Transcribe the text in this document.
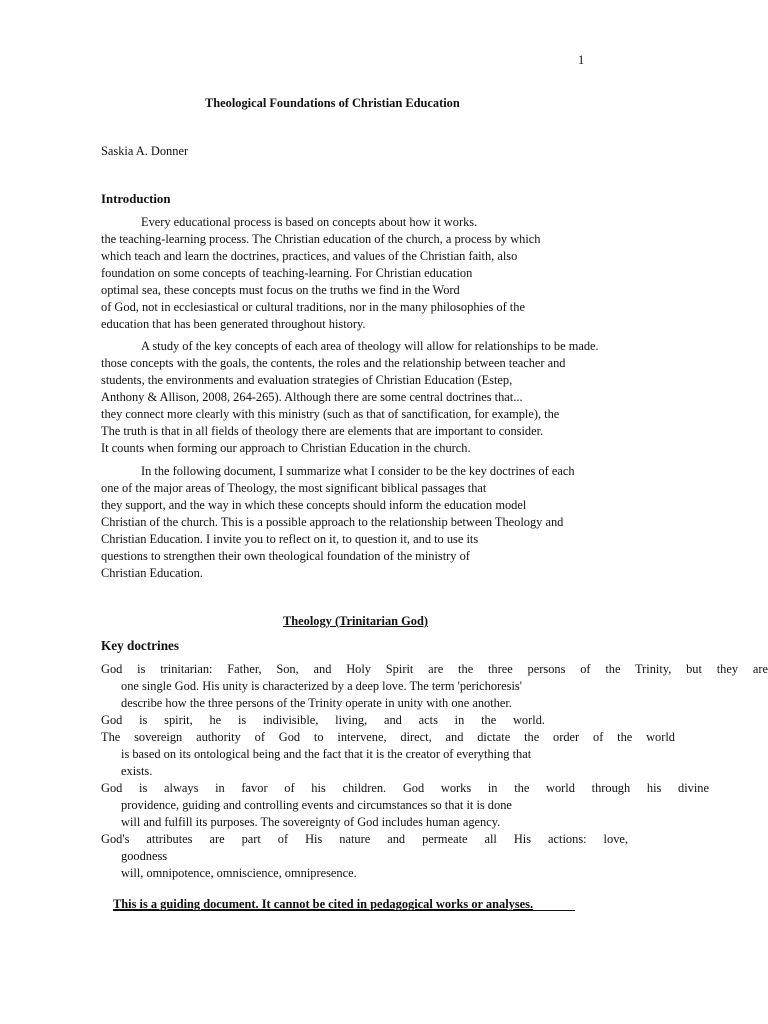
1
Theological Foundations of Christian Education
Saskia A. Donner
Introduction
Every educational process is based on concepts about how it works.
the teaching-learning process. The Christian education of the church, a process by which
which teach and learn the doctrines, practices, and values of the Christian faith, also
foundation on some concepts of teaching-learning. For Christian education
optimal sea, these concepts must focus on the truths we find in the Word
of God, not in ecclesiastical or cultural traditions, nor in the many philosophies of the
education that has been generated throughout history.
A study of the key concepts of each area of theology will allow for relationships to be made.
those concepts with the goals, the contents, the roles and the relationship between teacher and
students, the environments and evaluation strategies of Christian Education (Estep,
Anthony & Allison, 2008, 264-265). Although there are some central doctrines that...
they connect more clearly with this ministry (such as that of sanctification, for example), the
The truth is that in all fields of theology there are elements that are important to consider.
It counts when forming our approach to Christian Education in the church.
In the following document, I summarize what I consider to be the key doctrines of each
one of the major areas of Theology, the most significant biblical passages that
they support, and the way in which these concepts should inform the education model
Christian of the church. This is a possible approach to the relationship between Theology and
Christian Education. I invite you to reflect on it, to question it, and to use its
questions to strengthen their own theological foundation of the ministry of
Christian Education.
Theology (Trinitarian God)
Key doctrines
God is trinitarian: Father, Son, and Holy Spirit are the three persons of the Trinity, but they are
one single God. His unity is characterized by a deep love. The term 'perichoresis'
describe how the three persons of the Trinity operate in unity with one another.
God is spirit, he is indivisible, living, and acts in the world.
The sovereign authority of God to intervene, direct, and dictate the order of the world
is based on its ontological being and the fact that it is the creator of everything that
exists.
God is always in favor of his children. God works in the world through his divine
providence, guiding and controlling events and circumstances so that it is done
will and fulfill its purposes. The sovereignty of God includes human agency.
God's attributes are part of His nature and permeate all His actions: love,
goodness
will, omnipotence, omniscience, omnipresence.
This is a guiding document. It cannot be cited in pedagogical works or analyses.
